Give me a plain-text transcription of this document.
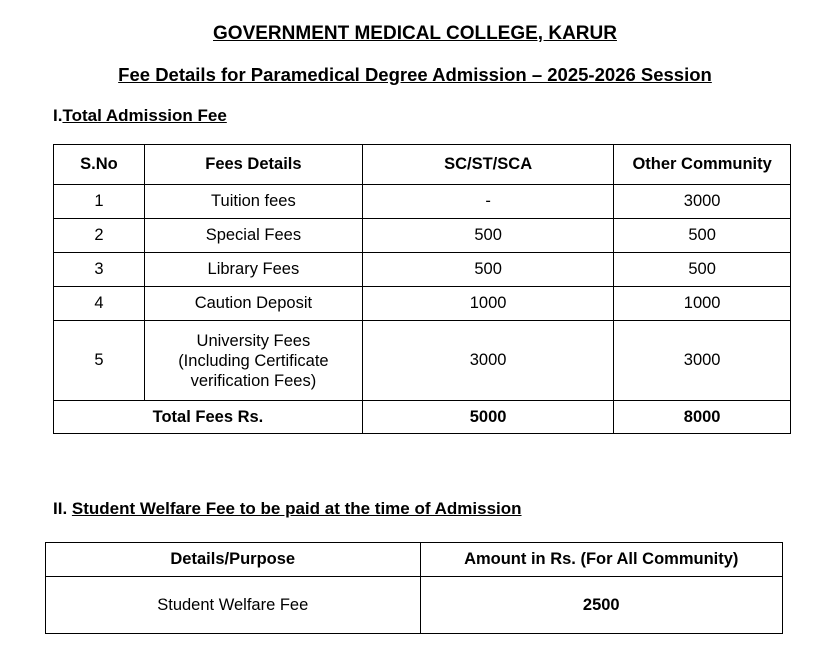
GOVERNMENT MEDICAL COLLEGE, KARUR
Fee Details for Paramedical Degree Admission – 2025-2026 Session

I.Total Admission Fee

S.No	Fees Details	SC/ST/SCA	Other Community
1	Tuition fees	-	3000
2	Special Fees	500	500
3	Library Fees	500	500
4	Caution Deposit	1000	1000
5	University Fees
(Including Certificate
verification Fees)	3000	3000
Total Fees Rs.		5000	8000

II. Student Welfare Fee to be paid at the time of Admission

Details/Purpose	Amount in Rs. (For All Community)
Student Welfare Fee	2500
